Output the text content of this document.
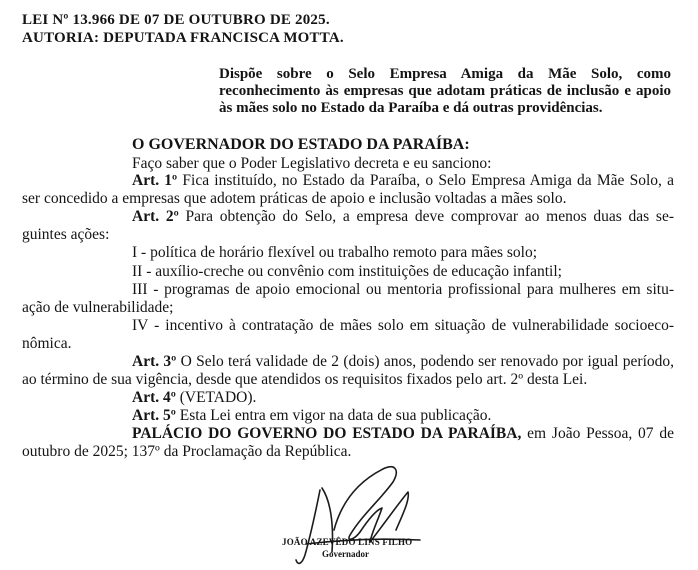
LEI Nº 13.966 DE 07 DE OUTUBRO DE 2025.
AUTORIA: DEPUTADA FRANCISCA MOTTA.
Dispõe sobre o Selo Empresa Amiga da Mãe Solo, como reconhecimento às empresas que adotam práticas de inclusão e apoio às mães solo no Estado da Paraíba e dá outras providências.
O GOVERNADOR DO ESTADO DA PARAÍBA:
Faço saber que o Poder Legislativo decreta e eu sanciono:
Art. 1º Fica instituído, no Estado da Paraíba, o Selo Empresa Amiga da Mãe Solo, a
ser concedido a empresas que adotem práticas de apoio e inclusão voltadas a mães solo.
Art. 2º Para obtenção do Selo, a empresa deve comprovar ao menos duas das se-
guintes ações:
I - política de horário flexível ou trabalho remoto para mães solo;
II - auxílio-creche ou convênio com instituições de educação infantil;
III - programas de apoio emocional ou mentoria profissional para mulheres em situ-
ação de vulnerabilidade;
IV - incentivo à contratação de mães solo em situação de vulnerabilidade socioeco-
nômica.
Art. 3º O Selo terá validade de 2 (dois) anos, podendo ser renovado por igual período,
ao término de sua vigência, desde que atendidos os requisitos fixados pelo art. 2º desta Lei.
Art. 4º (VETADO).
Art. 5º Esta Lei entra em vigor na data de sua publicação.
PALÁCIO DO GOVERNO DO ESTADO DA PARAÍBA, em João Pessoa, 07 de
outubro de 2025; 137º da Proclamação da República.
JOÃO AZEVÊDO LINS FILHO
Governador
